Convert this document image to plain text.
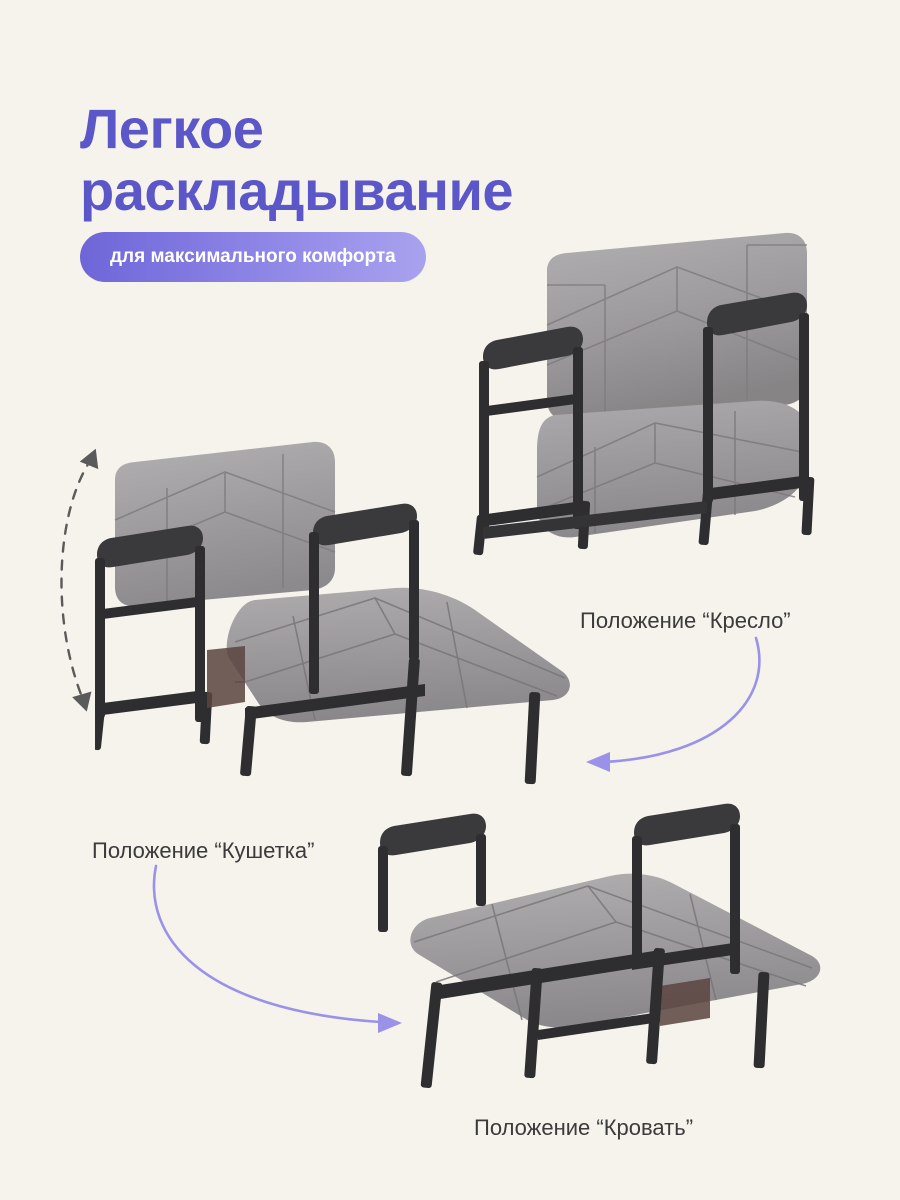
Легкое
раскладывание
для максимального комфорта
Положение “Кресло”
Положение “Кушетка”
Положение “Кровать”
